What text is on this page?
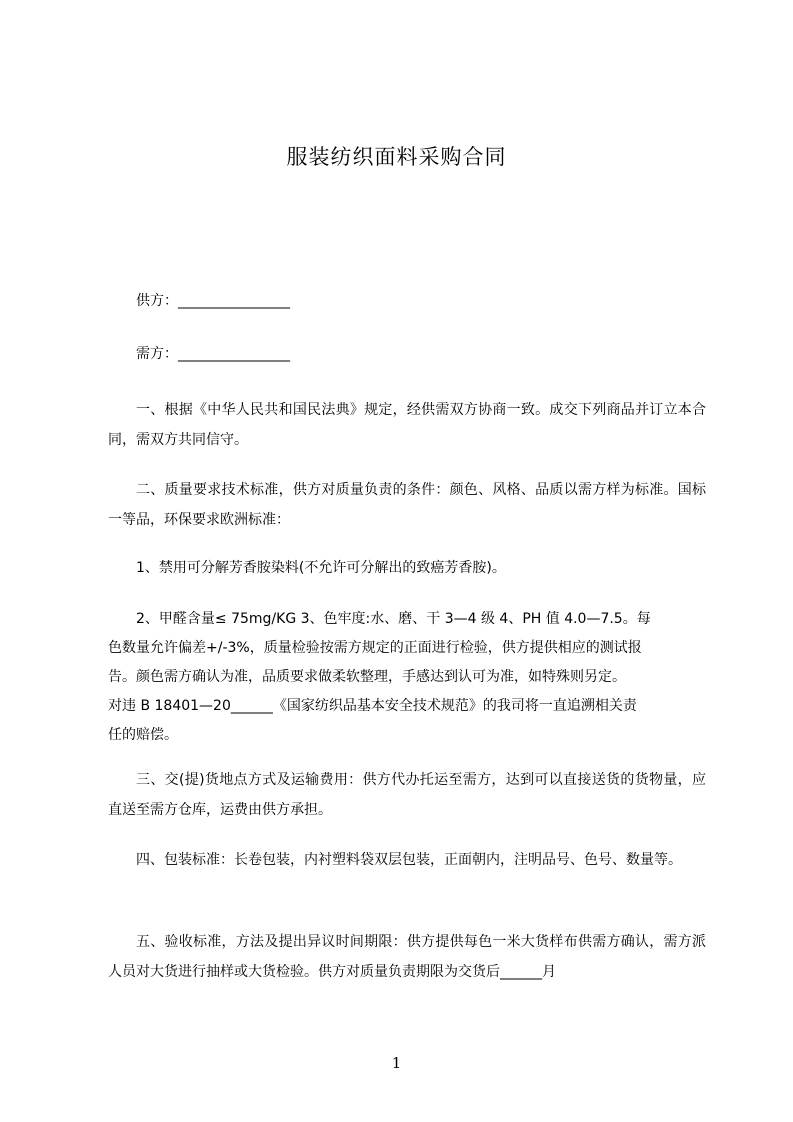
服装纺织面料采购合同
供方：________________
需方：________________

一、根据《中华人民共和国民法典》规定，经供需双方协商一致。成交下列商品并订立本合同，需双方共同信守。

二、质量要求技术标准，供方对质量负责的条件：颜色、风格、品质以需方样为标准。国标一等品，环保要求欧洲标准：

1、禁用可分解芳香胺染料(不允许可分解出的致癌芳香胺)。
2、甲醛含量≤ 75mg/KG 3、色牢度:水、磨、干 3—4 级 4、PH 值 4.0—7.5。每
色数量允许偏差+/-3%，质量检验按需方规定的正面进行检验，供方提供相应的测试报
告。颜色需方确认为准，品质要求做柔软整理，手感达到认可为准，如特殊则另定。
对违 B 18401—20______《国家纺织品基本安全技术规范》的我司将一直追溯相关责
任的赔偿。

三、交(提)货地点方式及运输费用：供方代办托运至需方，达到可以直接送货的货物量，应直送至需方仓库，运费由供方承担。

四、包装标准：长卷包装，内衬塑料袋双层包装，正面朝内，注明品号、色号、数量等。

五、验收标准，方法及提出异议时间期限：供方提供每色一米大货样布供需方确认，需方派人员对大货进行抽样或大货检验。供方对质量负责期限为交货后______月

1
